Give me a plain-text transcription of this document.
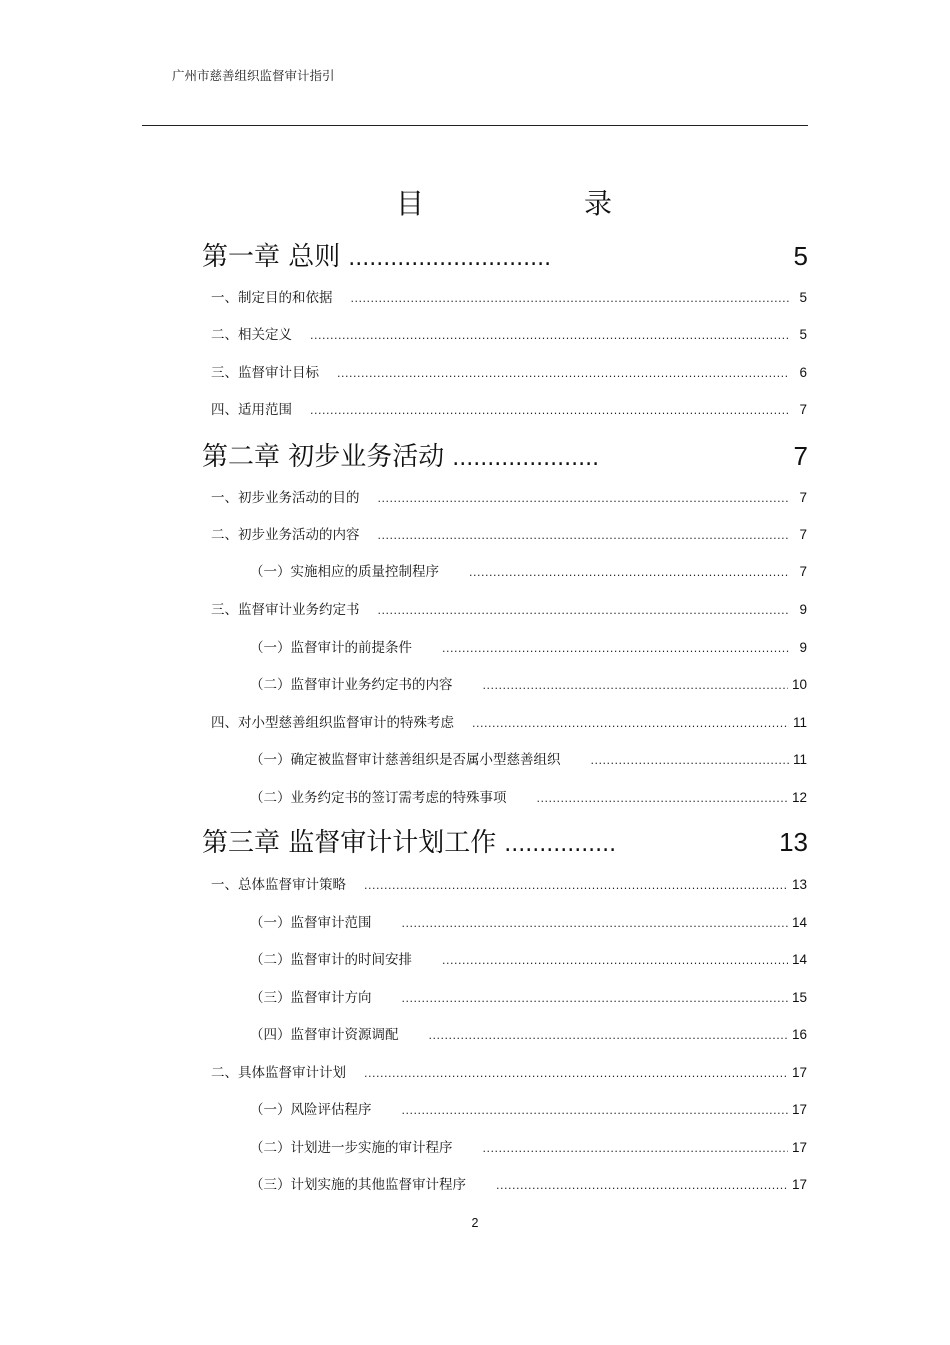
广州市慈善组织监督审计指引
目	录
第一章 总则 .............................	5
一、制定目的和依据 .....	5
二、相关定义 .....	5
三、监督审计目标 .....	6
四、适用范围 .....	7
第二章 初步业务活动 .....................	7
一、初步业务活动的目的 .....	7
二、初步业务活动的内容 .....	7
（一）实施相应的质量控制程序 .....	7
三、监督审计业务约定书 .....	9
（一）监督审计的前提条件 .....	9
（二）监督审计业务约定书的内容 .....	10
四、对小型慈善组织监督审计的特殊考虑 .....	11
（一）确定被监督审计慈善组织是否属小型慈善组织 .....	11
（二）业务约定书的签订需考虑的特殊事项 .....	12
第三章 监督审计计划工作 ................	13
一、总体监督审计策略 .....	13
（一）监督审计范围 .....	14
（二）监督审计的时间安排 .....	14
（三）监督审计方向 .....	15
（四）监督审计资源调配 .....	16
二、具体监督审计计划 .....	17
（一）风险评估程序 .....	17
（二）计划进一步实施的审计程序 .....	17
（三）计划实施的其他监督审计程序 .....	17
2
